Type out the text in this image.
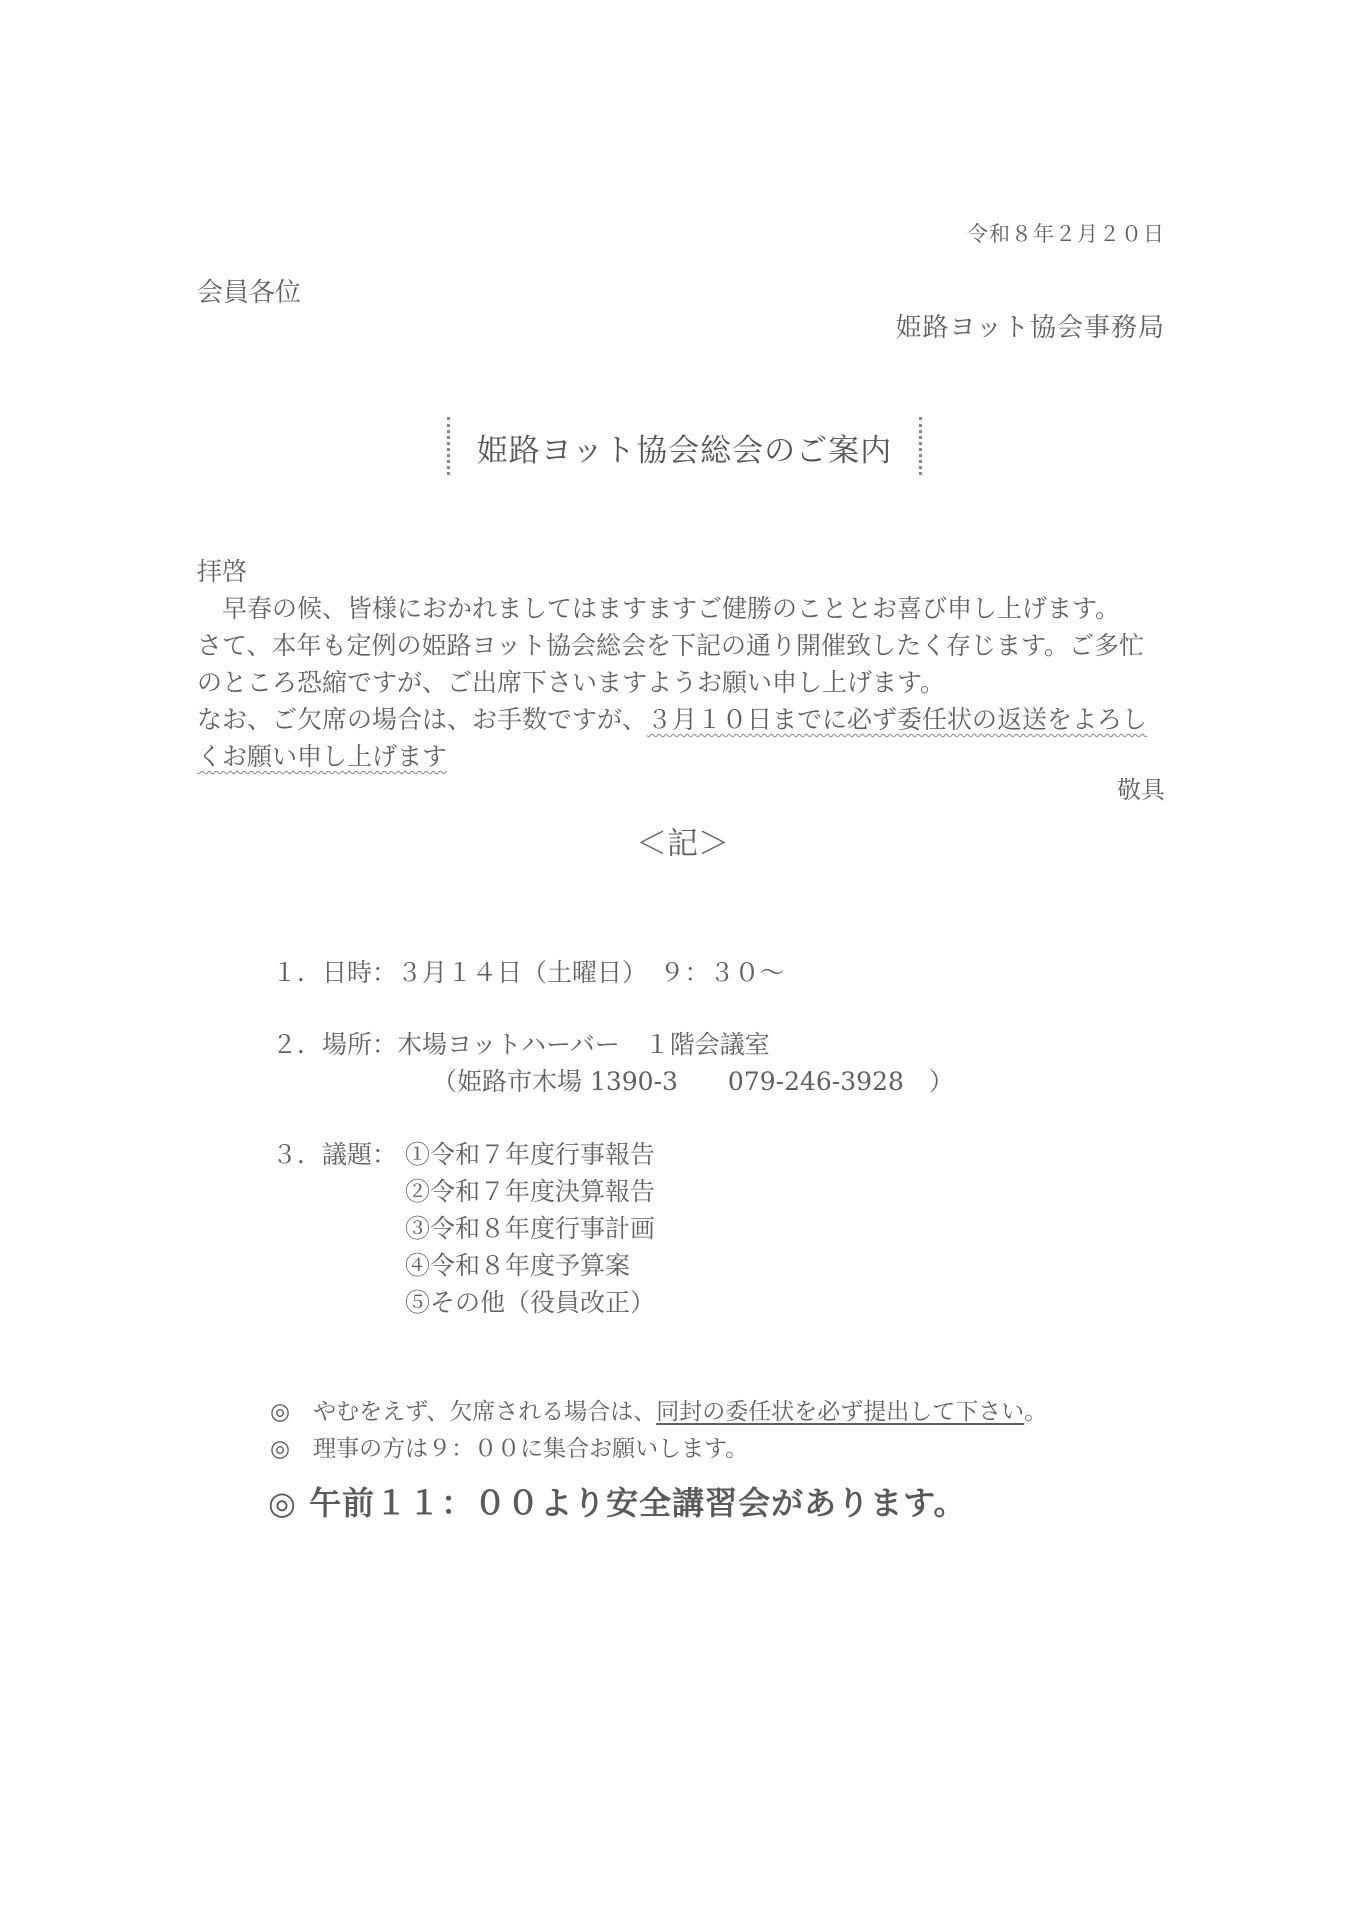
令和８年２月２０日
会員各位
姫路ヨット協会事務局
姫路ヨット協会総会のご案内

拝啓

　早春の候、皆様におかれましてはますますご健勝のこととお喜び申し上げます。

さて、本年も定例の姫路ヨット協会総会を下記の通り開催致したく存じます。ご多忙のところ恐縮ですが、ご出席下さいますようお願い申し上げます。

なお、ご欠席の場合は、お手数ですが、３月１０日までに必ず委任状の返送をよろしくお願い申し上げます

敬具
＜記＞
１．日時：３月１４日（土曜日）　９：３０～
２．場所：木場ヨットハーバー　１階会議室
（姫路市木場 1390-3　　079-246-3928　）
３．議題： ①令和７年度行事報告
②令和７年度決算報告
③令和８年度行事計画
④令和８年度予算案
⑤その他（役員改正）
◎　やむをえず、欠席される場合は、同封の委任状を必ず提出して下さい。
◎　理事の方は９：００に集合お願いします。
◎ 午前１１：００より安全講習会があります。
